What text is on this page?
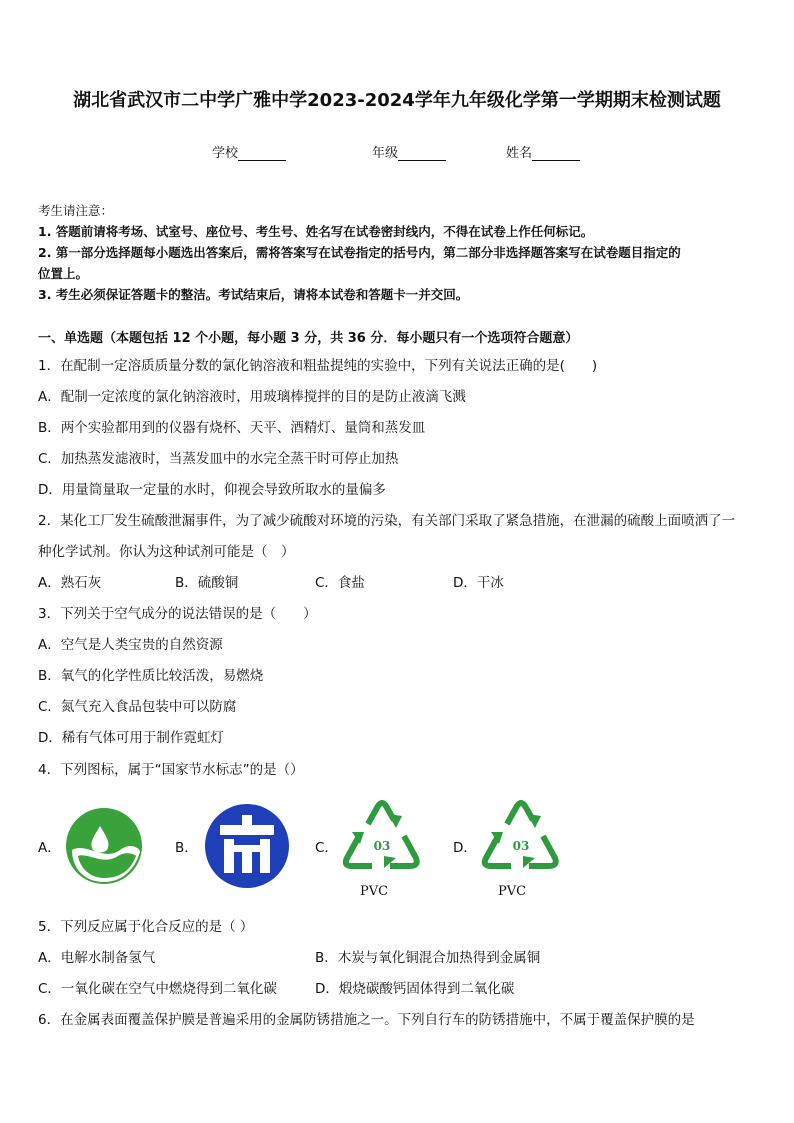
湖北省武汉市二中学广雅中学2023-2024学年九年级化学第一学期期末检测试题
学校	年级	姓名
考生请注意：
1. 答题前请将考场、试室号、座位号、考生号、姓名写在试卷密封线内，不得在试卷上作任何标记。
2. 第一部分选择题每小题选出答案后，需将答案写在试卷指定的括号内，第二部分非选择题答案写在试卷题目指定的
位置上。
3. 考生必须保证答题卡的整洁。考试结束后，请将本试卷和答题卡一并交回。
一、单选题（本题包括 12 个小题，每小题 3 分，共 36 分．每小题只有一个选项符合题意）
1．在配制一定溶质质量分数的氯化钠溶液和粗盐提纯的实验中，下列有关说法正确的是(　　)
A．配制一定浓度的氯化钠溶液时，用玻璃棒搅拌的目的是防止液滴飞溅
B．两个实验都用到的仪器有烧杯、天平、酒精灯、量筒和蒸发皿
C．加热蒸发滤液时，当蒸发皿中的水完全蒸干时可停止加热
D．用量筒量取一定量的水时，仰视会导致所取水的量偏多
2．某化工厂发生硫酸泄漏事件，为了减少硫酸对环境的污染，有关部门采取了紧急措施，在泄漏的硫酸上面喷洒了一
种化学试剂。你认为这种试剂可能是（　）
A．熟石灰	B．硫酸铜	C．食盐	D．干冰
3．下列关于空气成分的说法错误的是（　　）
A．空气是人类宝贵的自然资源
B．氧气的化学性质比较活泼，易燃烧
C．氮气充入食品包装中可以防腐
D．稀有气体可用于制作霓虹灯
4．下列图标，属于“国家节水标志”的是（）
A．	B．	C．	03
PVC
D．	03
PVC
5．下列反应属于化合反应的是（ ）
A．电解水制备氢气	B．木炭与氧化铜混合加热得到金属铜
C．一氧化碳在空气中燃烧得到二氧化碳	D．煅烧碳酸钙固体得到二氧化碳
6．在金属表面覆盖保护膜是普遍采用的金属防锈措施之一。下列自行车的防锈措施中，不属于覆盖保护膜的是
